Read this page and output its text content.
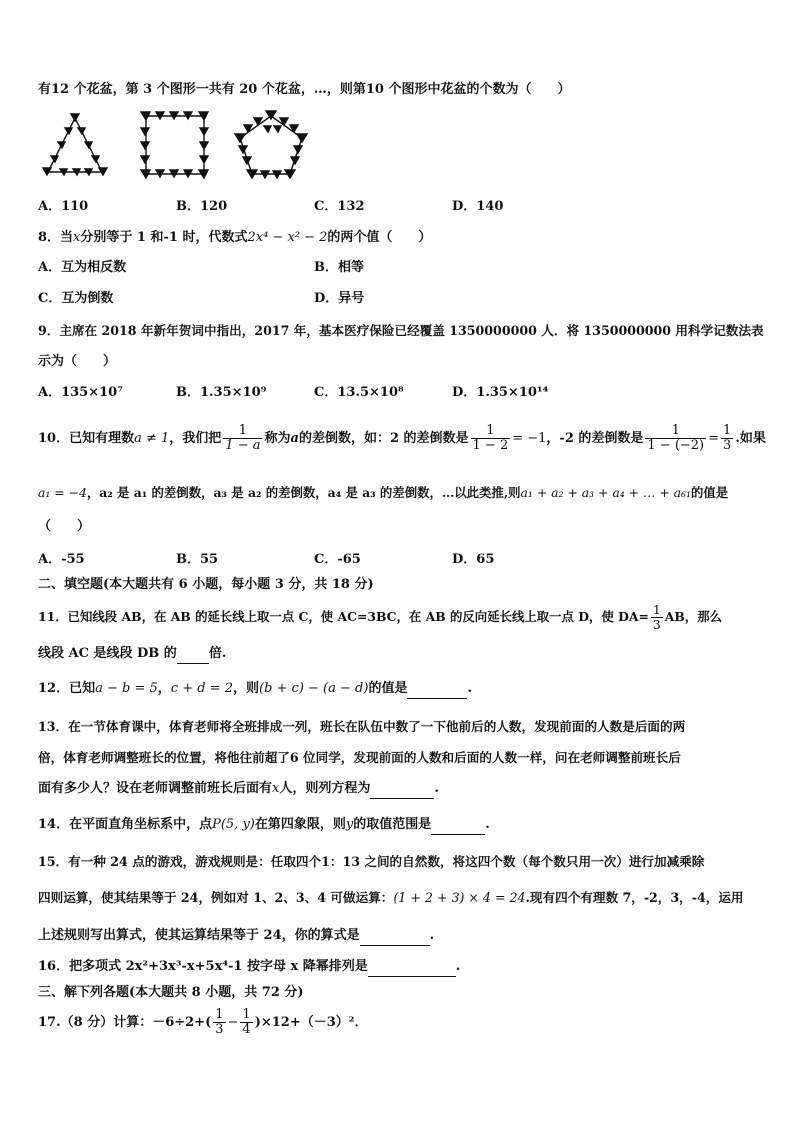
有12 个花盆，第 3 个图形一共有 20 个花盆，…，则第10 个图形中花盆的个数为（　　）
A．110	B．120	C．132	D．140
8．当x分别等于 1 和-1 时，代数式2x⁴ − x² − 2的两个值（　　）
A．互为相反数	B．相等
C．互为倒数	D．异号
9．主席在 2018 年新年贺词中指出，2017 年，基本医疗保险已经覆盖 1350000000 人．将 1350000000 用科学记数法表
示为（　　）
A．135×10⁷	B．1.35×10⁹	C．13.5×10⁸	D．1.35×10¹⁴
10．已知有理数a ≠ 1，我们把 $\frac{1}{1 - a}$ 称为a的差倒数，如：2 的差倒数是 $\frac{1}{1 - 2} = -1$，-2 的差倒数是 $\frac{1}{1 - (-2)} = \frac{1}{3}$ .如果
a₁ = −4，a₂ 是 a₁ 的差倒数，a₃ 是 a₂ 的差倒数，a₄ 是 a₃ 的差倒数，…以此类推,则a₁ + a₂ + a₃ + a₄ + … + a₆₁的值是
（　　）
A．-55	B．55	C．-65	D．65
二、填空题(本大题共有 6 小题，每小题 3 分，共 18 分)
11．已知线段 AB，在 AB 的延长线上取一点 C，使 AC=3BC，在 AB 的反向延长线上取一点 D，使 $DA= \frac{1}{3}$ AB，那么
线段 AC 是线段 DB 的 倍.
12．已知a − b = 5，c + d = 2，则(b + c) − (a − d)的值是	.
13．在一节体育课中，体育老师将全班排成一列，班长在队伍中数了一下他前后的人数，发现前面的人数是后面的两
倍，体育老师调整班长的位置，将他往前超了6 位同学，发现前面的人数和后面的人数一样，问在老师调整前班长后
面有多少人？设在老师调整前班长后面有x人，则列方程为	.
14．在平面直角坐标系中，点P(5, y)在第四象限，则y的取值范围是	.
15．有一种 24 点的游戏，游戏规则是：任取四个1：13 之间的自然数，将这四个数（每个数只用一次）进行加减乘除
四则运算，使其结果等于 24，例如对 1、2、3、4 可做运算：(1 + 2 + 3) × 4 = 24.现有四个有理数 7，-2，3，-4，运用
上述规则写出算式，使其运算结果等于 24，你的算式是	.
16．把多项式 2x²+3x³-x+5x⁴-1 按字母 x 降幂排列是	.
三、解下列各题(本大题共 8 小题，共 72 分)
17.（8 分）计算：$-6\div 2+( \frac{1}{3} - \frac{1}{4} )\times 12+(-3)^2$．
